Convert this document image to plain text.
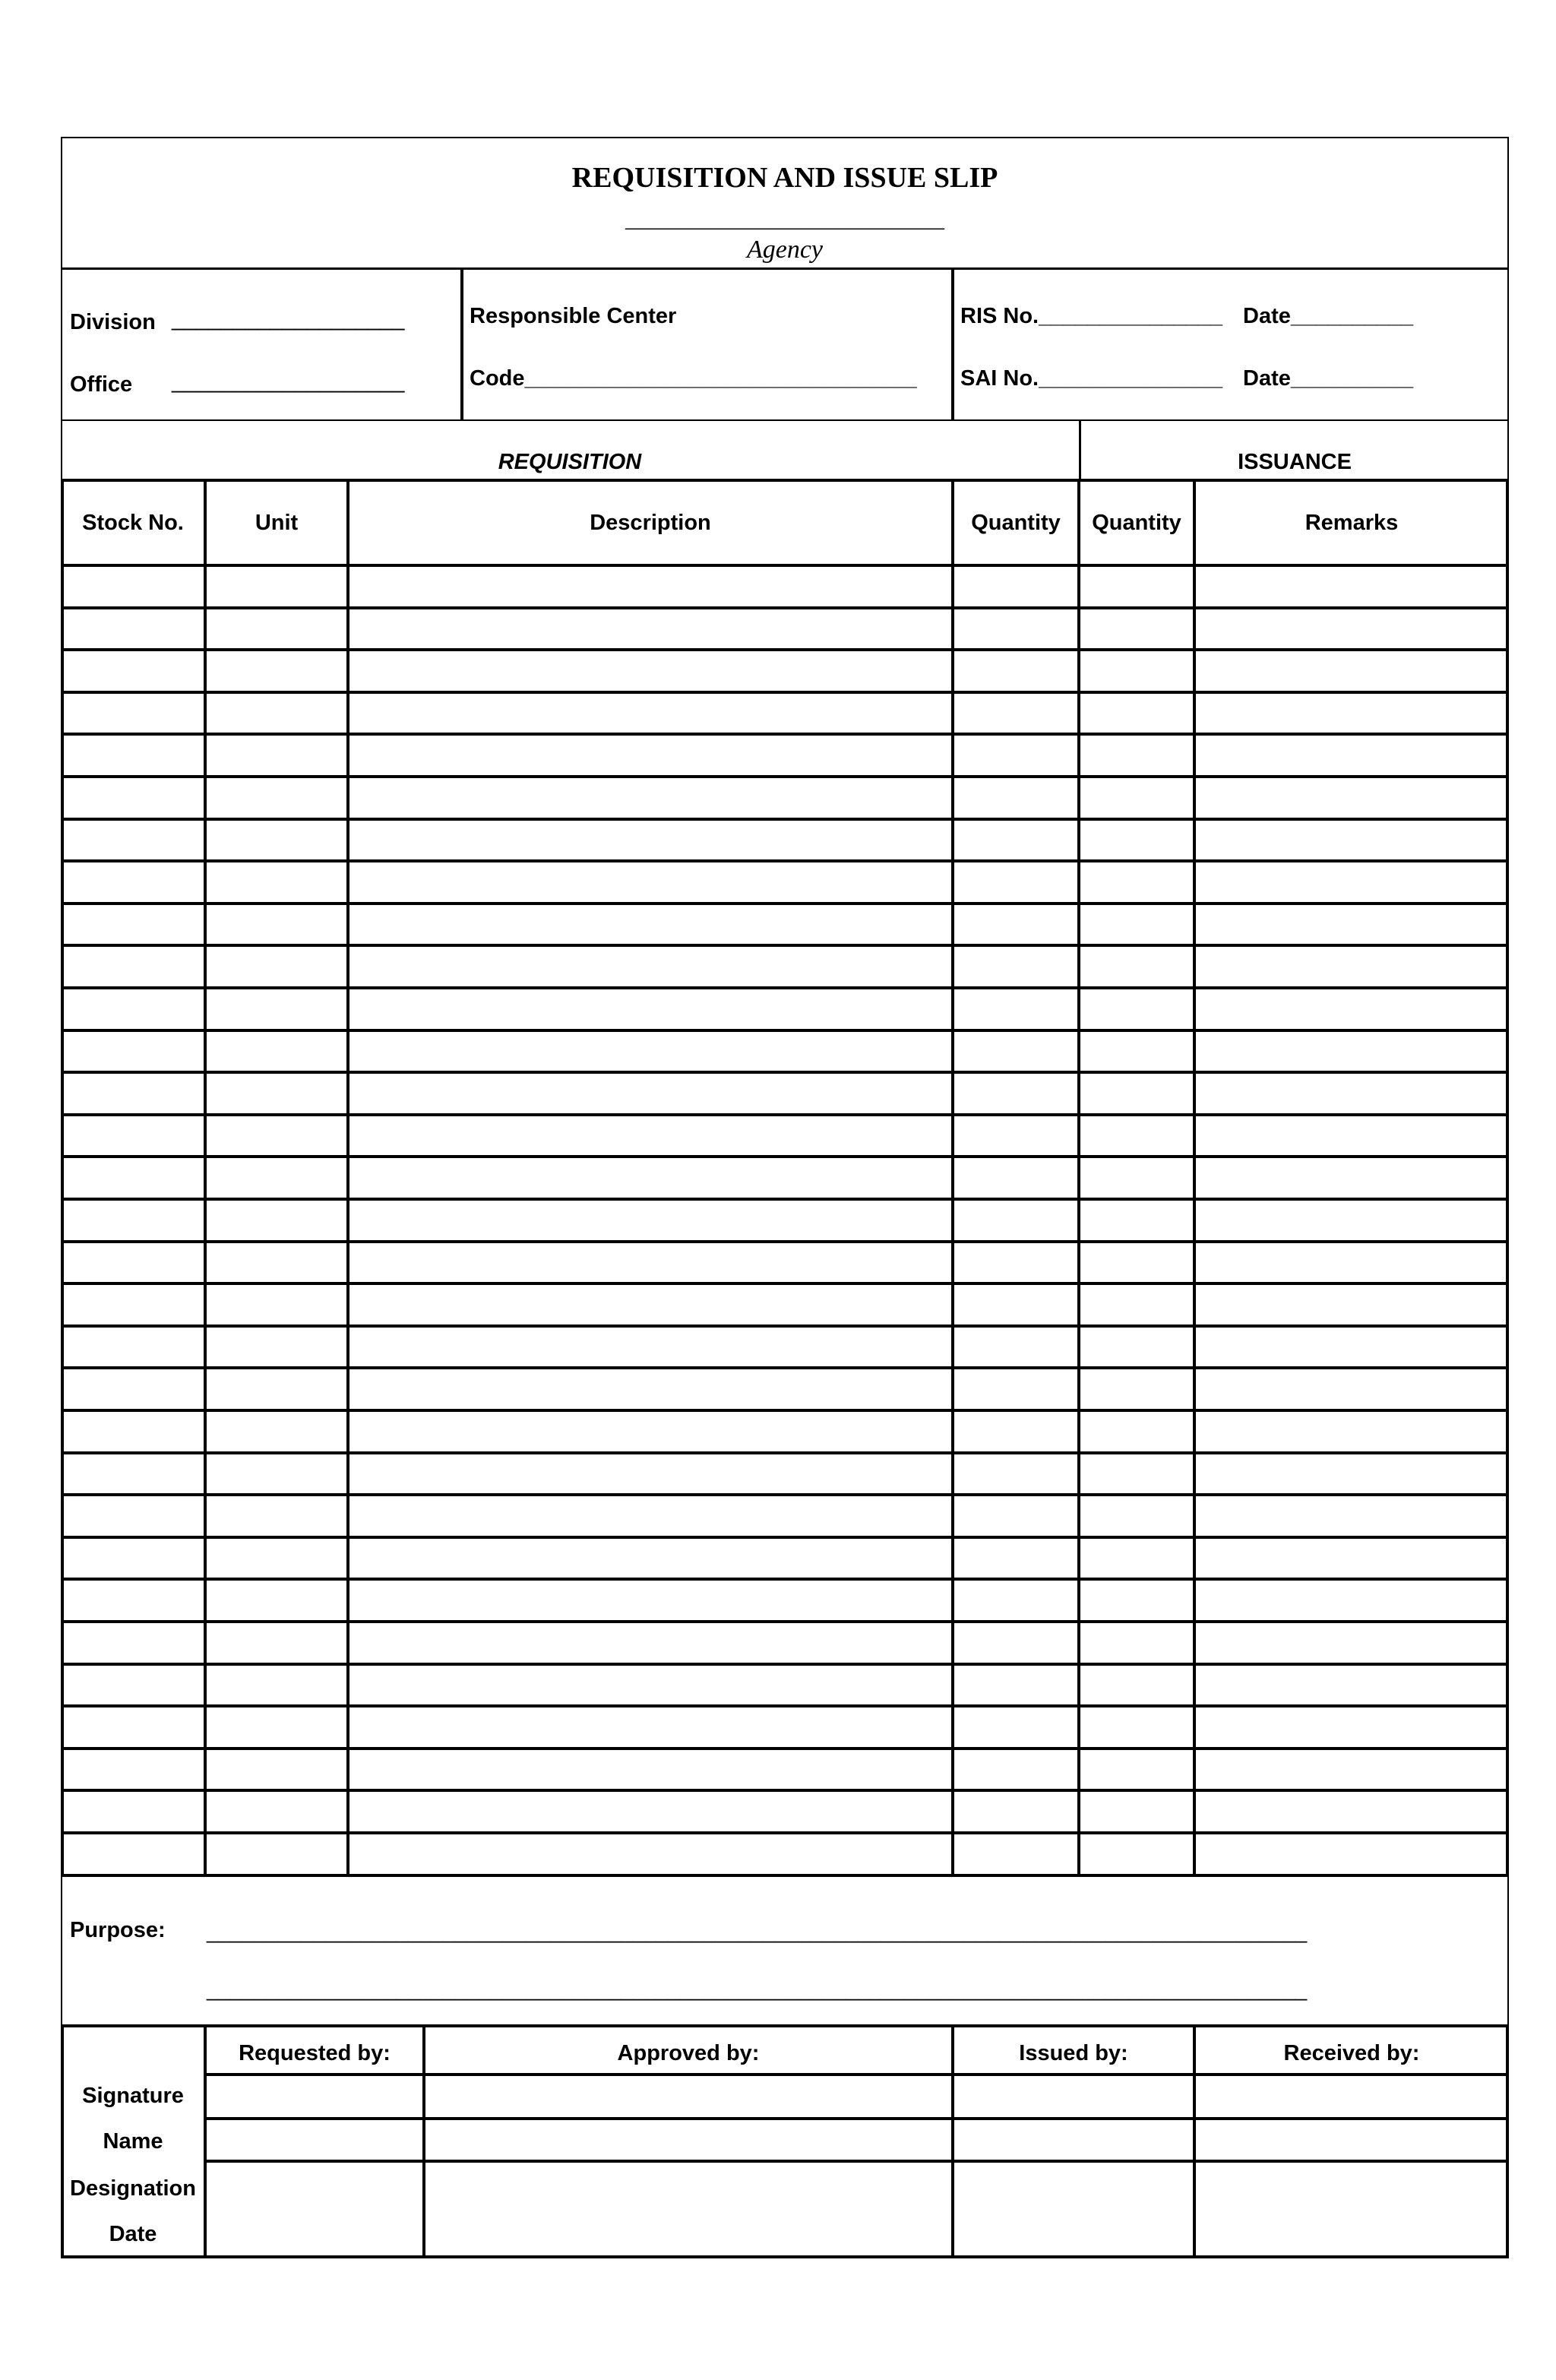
REQUISITION AND ISSUE SLIP
____________________________
Agency
Division ___________________
Office ___________________
Responsible Center
Code________________________________
RIS No._______________ Date__________
SAI No._______________ Date__________
REQUISITION	ISSUANCE
Stock No.	Unit	Description	Quantity	Quantity	Remarks
Purpose: _____________________________________________________________________________________________
_____________________________________________________________________________________________
Requested by:	Approved by:	Issued by:	Received by:
Signature
Name
Designation
Date
